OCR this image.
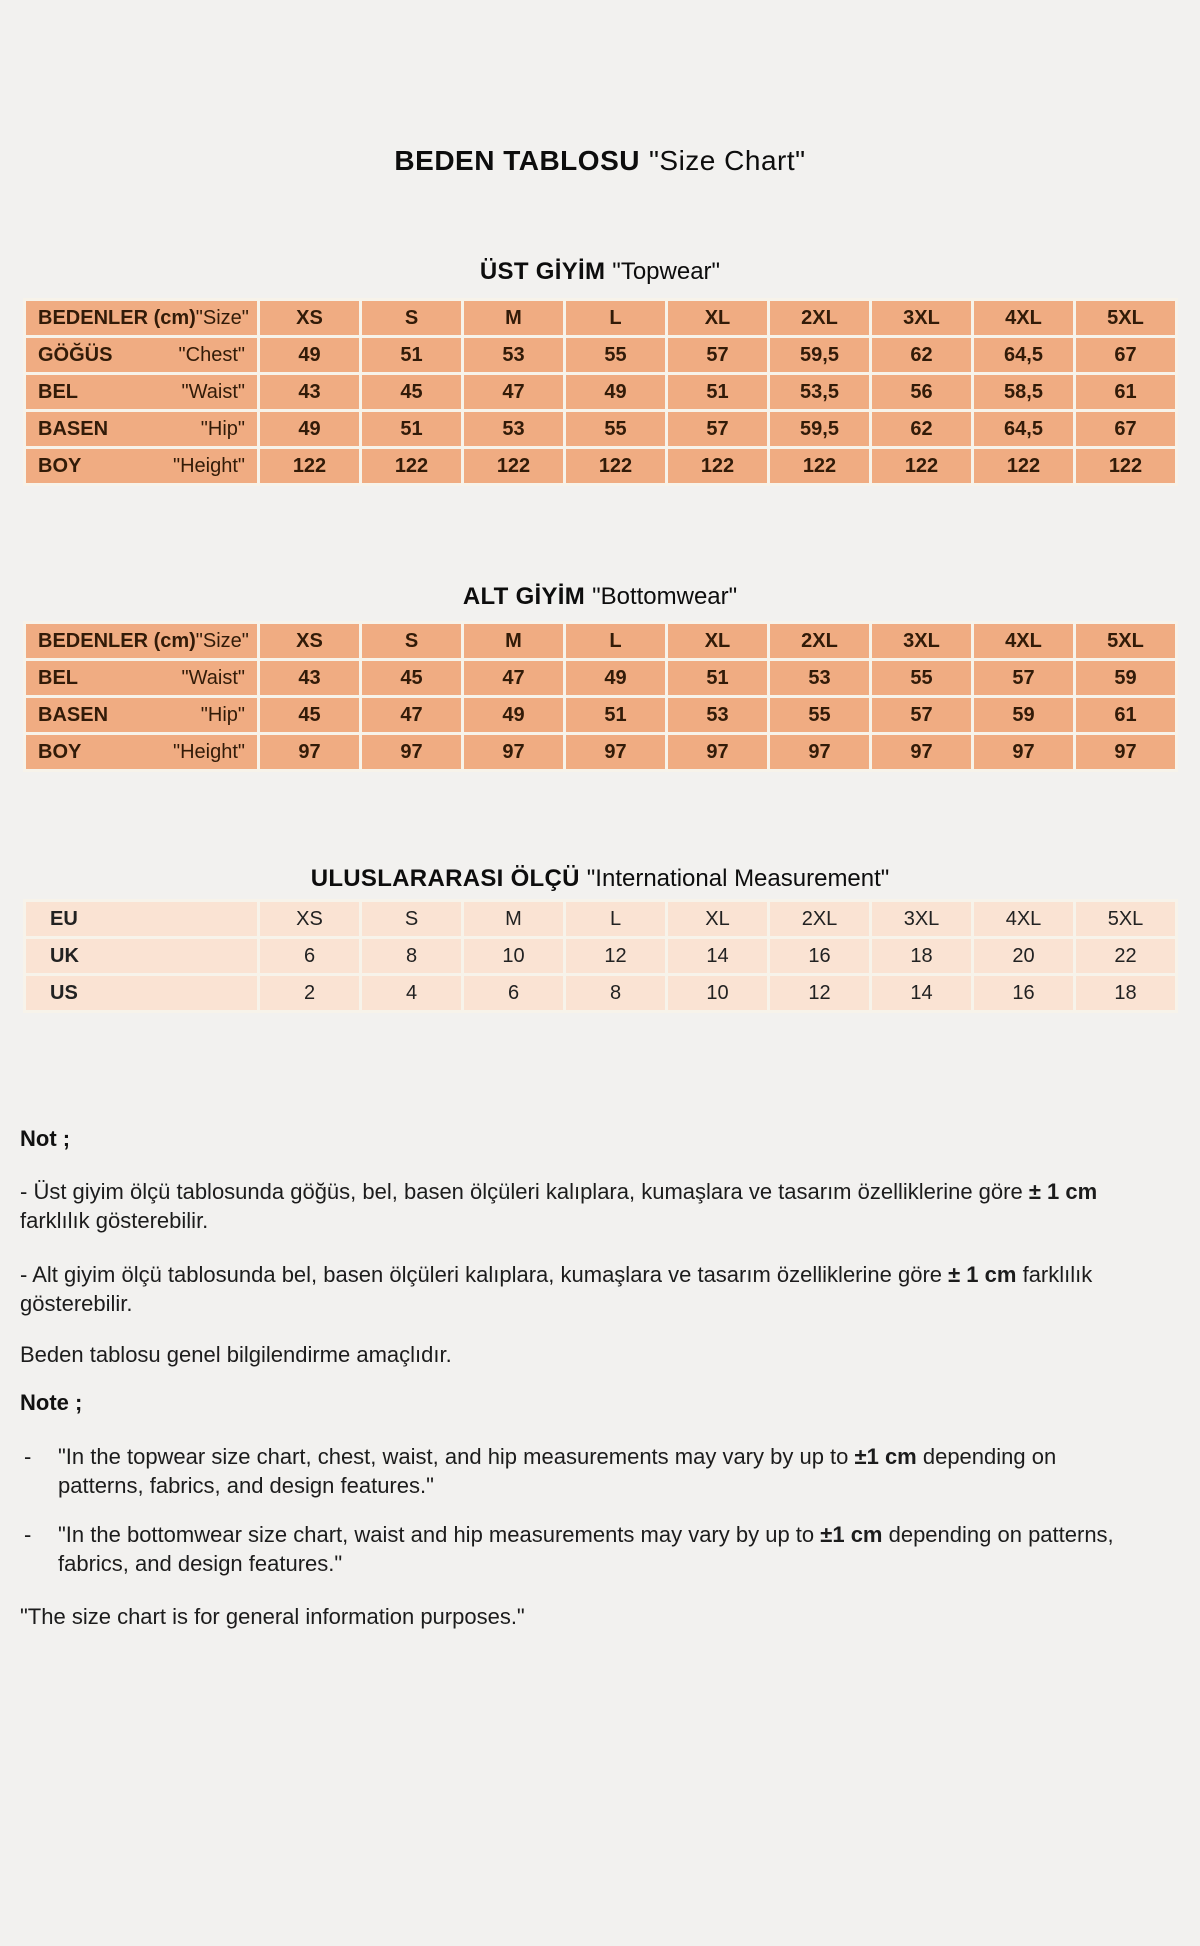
BEDEN TABLOSU "Size Chart"
ÜST GİYİM "Topwear"
BEDENLER (cm) "Size"	XS	S	M	L	XL	2XL	3XL	4XL	5XL

GÖĞÜS "Chest"	49	51	53	55	57	59,5	62	64,5	67

BEL "Waist"	43	45	47	49	51	53,5	56	58,5	61

BASEN "Hip"	49	51	53	55	57	59,5	62	64,5	67

BOY "Height"	122	122	122	122	122	122	122	122	122
ALT GİYİM "Bottomwear"
BEDENLER (cm) "Size"	XS	S	M	L	XL	2XL	3XL	4XL	5XL

BEL "Waist"	43	45	47	49	51	53	55	57	59

BASEN "Hip"	45	47	49	51	53	55	57	59	61

BOY "Height"	97	97	97	97	97	97	97	97	97
ULUSLARARASI ÖLÇÜ "International Measurement"
EU	XS	S	M	L	XL	2XL	3XL	4XL	5XL

UK	6	8	10	12	14	16	18	20	22

US	2	4	6	8	10	12	14	16	18
Not ;

- Üst giyim ölçü tablosunda göğüs, bel, basen ölçüleri kalıplara, kumaşlara ve tasarım özelliklerine göre ± 1 cm farklılık gösterebilir.

- Alt giyim ölçü tablosunda bel, basen ölçüleri kalıplara, kumaşlara ve tasarım özelliklerine göre ± 1 cm farklılık gösterebilir.

Beden tablosu genel bilgilendirme amaçlıdır.

Note ;
-	"In the topwear size chart, chest, waist, and hip measurements may vary by up to ±1 cm depending on patterns, fabrics, and design features."
-	"In the bottomwear size chart, waist and hip measurements may vary by up to ±1 cm depending on patterns, fabrics, and design features."

"The size chart is for general information purposes."
